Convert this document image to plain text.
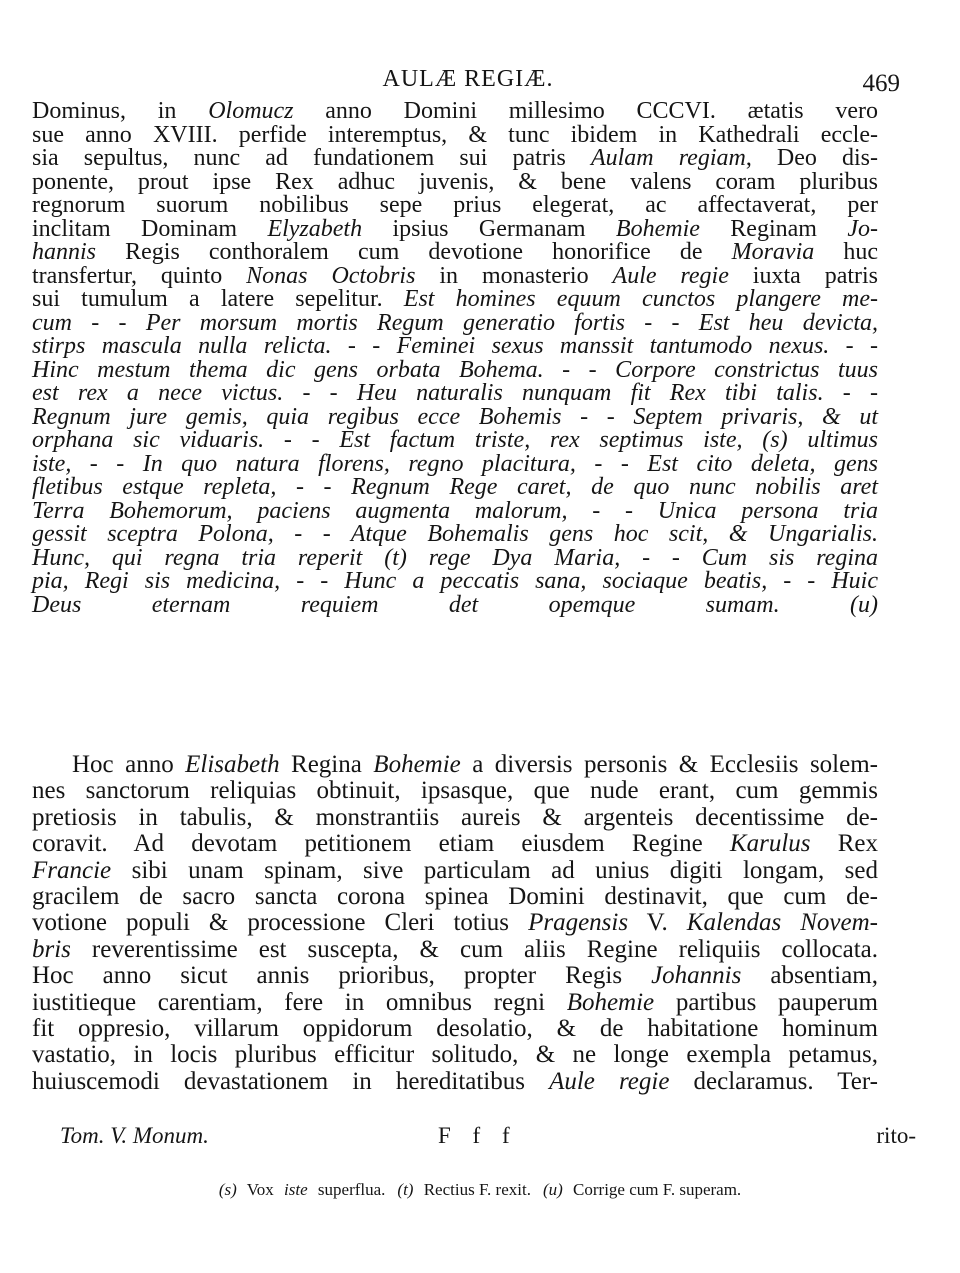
AULÆ REGIÆ.	469
Dominus, in Olomucz anno Domini millesimo CCCVI. ætatis vero
sue anno XVIII. perfide interemptus, & tunc ibidem in Kathedrali eccle-
sia sepultus, nunc ad fundationem sui patris Aulam regiam, Deo dis-
ponente, prout ipse Rex adhuc juvenis, & bene valens coram pluribus
regnorum suorum nobilibus sepe prius elegerat, ac affectaverat, per
inclitam Dominam Elyzabeth ipsius Germanam Bohemie Reginam Jo-
hannis Regis conthoralem cum devotione honorifice de Moravia huc
transfertur, quinto Nonas Octobris in monasterio Aule regie iuxta patris
sui tumulum a latere sepelitur. Est homines equum cunctos plangere me-
cum - - Per morsum mortis Regum generatio fortis - - Est heu devicta,
stirps mascula nulla relicta. - - Feminei sexus manssit tantumodo nexus. - -
Hinc mestum thema dic gens orbata Bohema. - - Corpore constrictus tuus
est rex a nece victus. - - Heu naturalis nunquam fit Rex tibi talis. - -
Regnum jure gemis, quia regibus ecce Bohemis - - Septem privaris, & ut
orphana sic viduaris. - - Est factum triste, rex septimus iste, (s) ultimus
iste, - - In quo natura florens, regno placitura, - - Est cito deleta, gens
fletibus estque repleta, - - Regnum Rege caret, de quo nunc nobilis aret
Terra Bohemorum, paciens augmenta malorum, - - Unica persona tria
gessit sceptra Polona, - - Atque Bohemalis gens hoc scit, & Ungarialis.
Hunc, qui regna tria reperit (t) rege Dya Maria, - - Cum sis regina
pia, Regi sis medicina, - - Hunc a peccatis sana, sociaque beatis, - - Huic
Deus eternam requiem det opemque sumam. (u)
Hoc anno Elisabeth Regina Bohemie a diversis personis & Ecclesiis solem-
nes sanctorum reliquias obtinuit, ipsasque, que nude erant, cum gemmis
pretiosis in tabulis, & monstrantiis aureis & argenteis decentissime de-
coravit. Ad devotam petitionem etiam eiusdem Regine Karulus Rex
Francie sibi unam spinam, sive particulam ad unius digiti longam, sed
gracilem de sacro sancta corona spinea Domini destinavit, que cum de-
votione populi & processione Cleri totius Pragensis V. Kalendas Novem-
bris reverentissime est suscepta, & cum aliis Regine reliquiis collocata.
Hoc anno sicut annis prioribus, propter Regis Johannis absentiam,
iustitieque carentiam, fere in omnibus regni Bohemie partibus pauperum
fit oppresio, villarum oppidorum desolatio, & de habitatione hominum
vastatio, in locis pluribus efficitur solitudo, & ne longe exempla petamus,
huiuscemodi devastationem in hereditatibus Aule regie declaramus. Ter-
Tom. V. Monum.	F f f	rito-
(s) Vox iste superflua. (t) Rectius F. rexit. (u) Corrige cum F. superam.
